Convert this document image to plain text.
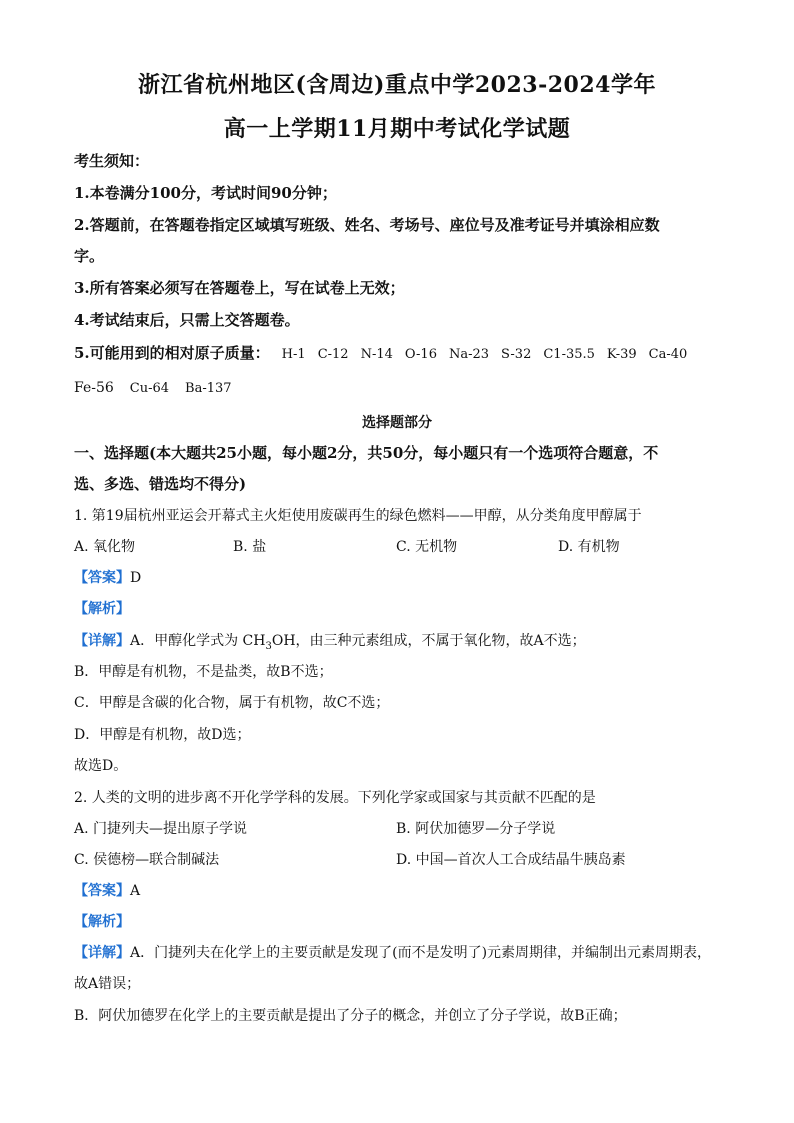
浙江省杭州地区(含周边)重点中学2023-2024学年
高一上学期11月期中考试化学试题
考生须知：
1.本卷满分100分，考试时间90分钟；
2.答题前，在答题卷指定区域填写班级、姓名、考场号、座位号及准考证号并填涂相应数
字。
3.所有答案必须写在答题卷上，写在试卷上无效；
4.考试结束后，只需上交答题卷。
5.可能用到的相对原子质量： H-1 C-12 N-14 O-16 Na-23 S-32 C1-35.5 K-39 Ca-40
Fe-56 Cu-64 Ba-137
选择题部分
一、选择题(本大题共25小题，每小题2分，共50分，每小题只有一个选项符合题意，不
选、多选、错选均不得分)
1. 第19届杭州亚运会开幕式主火炬使用废碳再生的绿色燃料——甲醇，从分类角度甲醇属于
A. 氧化物	B. 盐	C. 无机物	D. 有机物
【答案】D
【解析】
【详解】A．甲醇化学式为 $CH_3OH$，由三种元素组成，不属于氧化物，故A不选；
B．甲醇是有机物，不是盐类，故B不选；
C．甲醇是含碳的化合物，属于有机物，故C不选；
D．甲醇是有机物，故D选；
故选D。
2. 人类的文明的进步离不开化学学科的发展。下列化学家或国家与其贡献不匹配的是
A. 门捷列夫—提出原子学说	B. 阿伏加德罗—分子学说
C. 侯德榜—联合制碱法	D. 中国—首次人工合成结晶牛胰岛素
【答案】A
【解析】
【详解】A．门捷列夫在化学上的主要贡献是发现了(而不是发明了)元素周期律，并编制出元素周期表，
故A错误；
B．阿伏加德罗在化学上的主要贡献是提出了分子的概念，并创立了分子学说，故B正确；
